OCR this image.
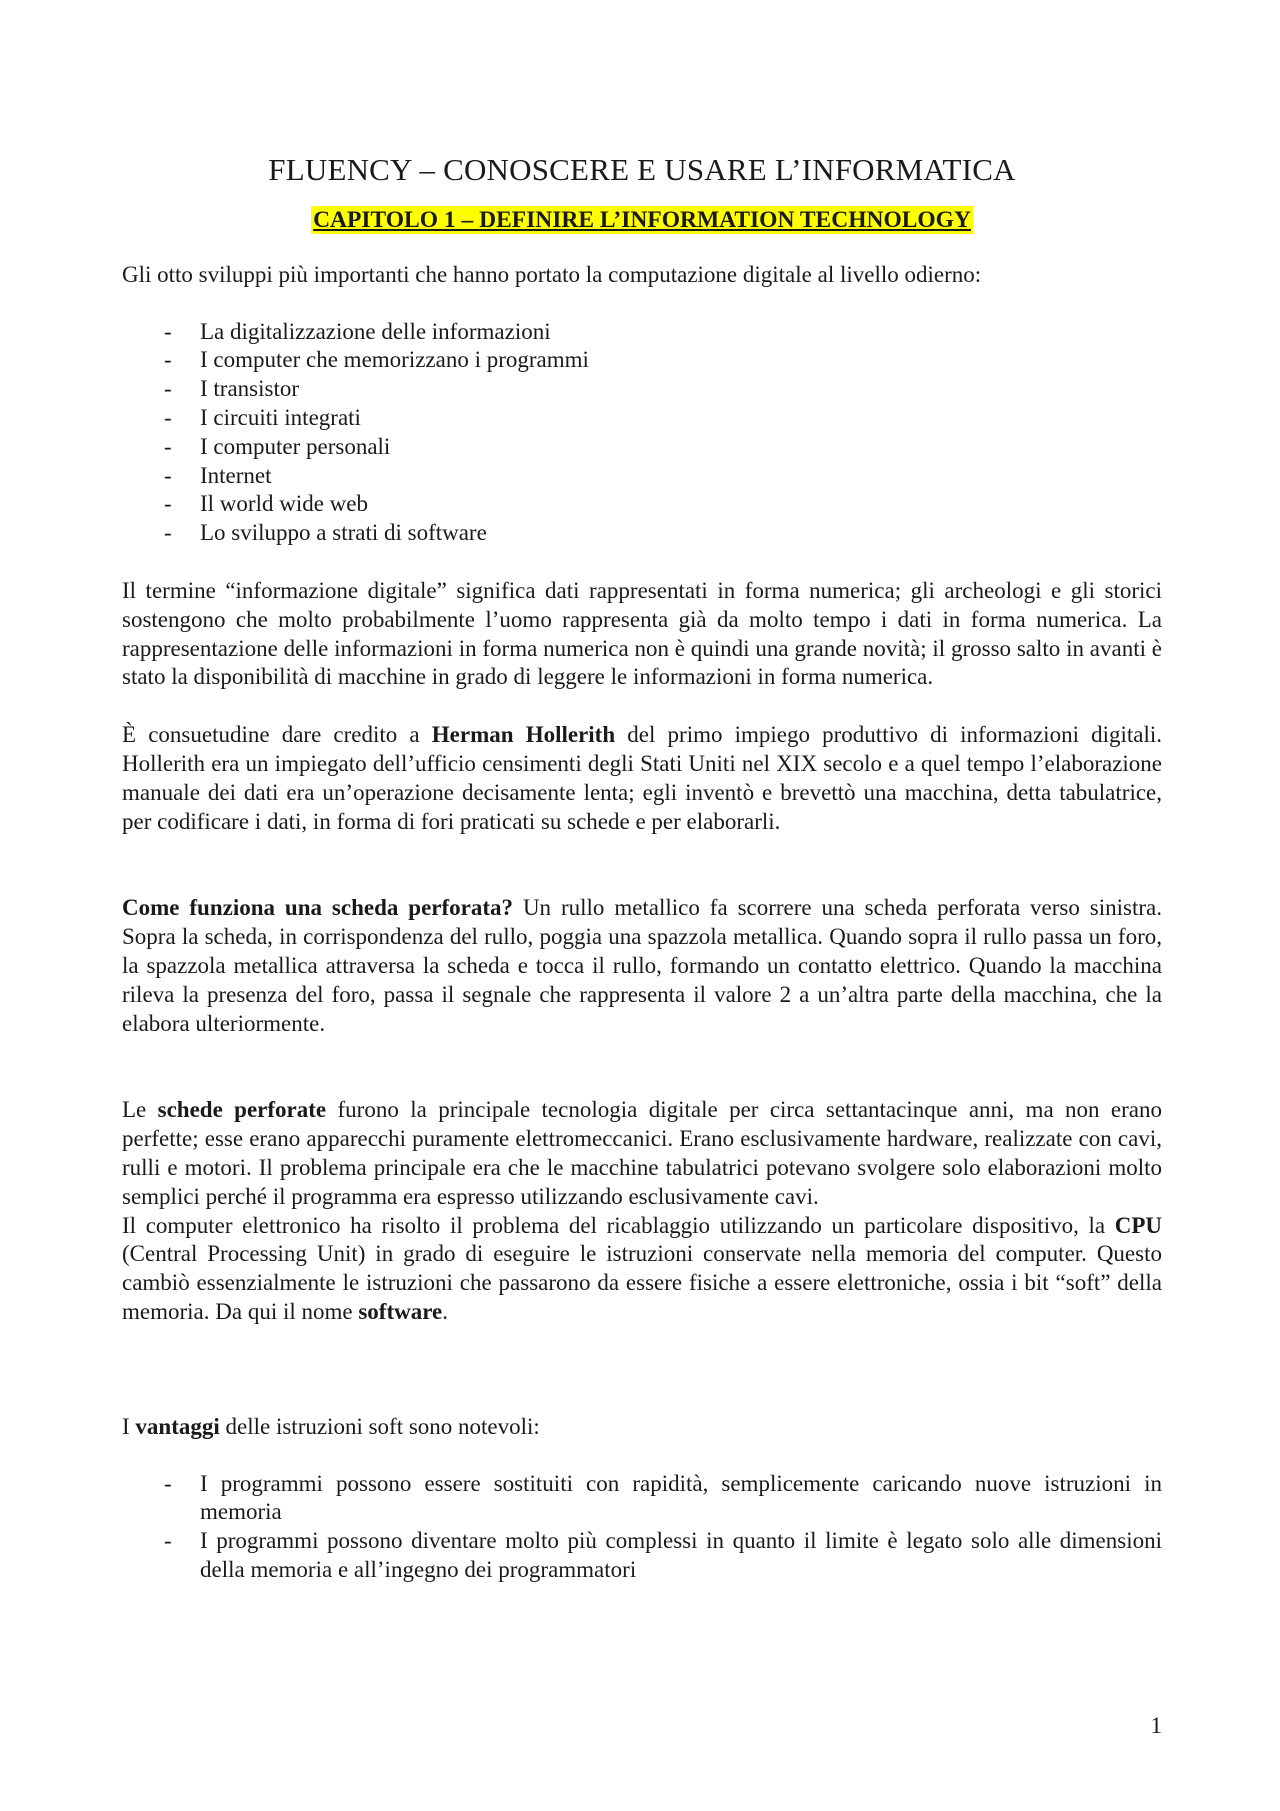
FLUENCY – CONOSCERE E USARE L’INFORMATICA
CAPITOLO 1 – DEFINIRE L’INFORMATION TECHNOLOGY

Gli otto sviluppi più importanti che hanno portato la computazione digitale al livello odierno:

- La digitalizzazione delle informazioni
- I computer che memorizzano i programmi
- I transistor
- I circuiti integrati
- I computer personali
- Internet
- Il world wide web
- Lo sviluppo a strati di software

Il termine “informazione digitale” significa dati rappresentati in forma numerica; gli archeologi e gli storici sostengono che molto probabilmente l’uomo rappresenta già da molto tempo i dati in forma numerica. La rappresentazione delle informazioni in forma numerica non è quindi una grande novità; il grosso salto in avanti è stato la disponibilità di macchine in grado di leggere le informazioni in forma numerica.

È consuetudine dare credito a Herman Hollerith del primo impiego produttivo di informazioni digitali. Hollerith era un impiegato dell’ufficio censimenti degli Stati Uniti nel XIX secolo e a quel tempo l’elaborazione manuale dei dati era un’operazione decisamente lenta; egli inventò e brevettò una macchina, detta tabulatrice, per codificare i dati, in forma di fori praticati su schede e per elaborarli.

Come funziona una scheda perforata? Un rullo metallico fa scorrere una scheda perforata verso sinistra. Sopra la scheda, in corrispondenza del rullo, poggia una spazzola metallica. Quando sopra il rullo passa un foro, la spazzola metallica attraversa la scheda e tocca il rullo, formando un contatto elettrico. Quando la macchina rileva la presenza del foro, passa il segnale che rappresenta il valore 2 a un’altra parte della macchina, che la elabora ulteriormente.

Le schede perforate furono la principale tecnologia digitale per circa settantacinque anni, ma non erano perfette; esse erano apparecchi puramente elettromeccanici. Erano esclusivamente hardware, realizzate con cavi, rulli e motori. Il problema principale era che le macchine tabulatrici potevano svolgere solo elaborazioni molto semplici perché il programma era espresso utilizzando esclusivamente cavi.

Il computer elettronico ha risolto il problema del ricablaggio utilizzando un particolare dispositivo, la CPU (Central Processing Unit) in grado di eseguire le istruzioni conservate nella memoria del computer. Questo cambiò essenzialmente le istruzioni che passarono da essere fisiche a essere elettroniche, ossia i bit “soft” della memoria. Da qui il nome software.

I vantaggi delle istruzioni soft sono notevoli:

- I programmi possono essere sostituiti con rapidità, semplicemente caricando nuove istruzioni in memoria
- I programmi possono diventare molto più complessi in quanto il limite è legato solo alle dimensioni della memoria e all’ingegno dei programmatori
1
